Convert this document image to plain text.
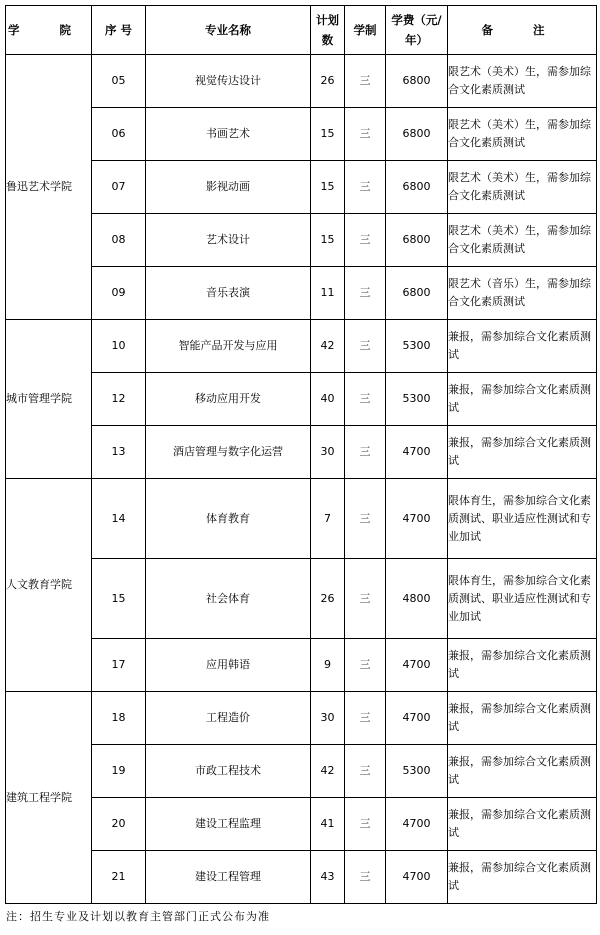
学 院	序 号	专业名称	计划数	学制	学费（元/年）	备 注
鲁迅艺术学院	05	视觉传达设计	26	三	6800	限艺术（美术）生，需参加综合文化素质测试
	06	书画艺术	15	三	6800	限艺术（美术）生，需参加综合文化素质测试
	07	影视动画	15	三	6800	限艺术（美术）生，需参加综合文化素质测试
	08	艺术设计	15	三	6800	限艺术（美术）生，需参加综合文化素质测试
	09	音乐表演	11	三	6800	限艺术（音乐）生，需参加综合文化素质测试
城市管理学院	10	智能产品开发与应用	42	三	5300	兼报，需参加综合文化素质测试
	12	移动应用开发	40	三	5300	兼报，需参加综合文化素质测试
	13	酒店管理与数字化运营	30	三	4700	兼报，需参加综合文化素质测试
人文教育学院	14	体育教育	7	三	4700	限体育生，需参加综合文化素质测试、职业适应性测试和专业加试
	15	社会体育	26	三	4800	限体育生，需参加综合文化素质测试、职业适应性测试和专业加试
	17	应用韩语	9	三	4700	兼报，需参加综合文化素质测试
建筑工程学院	18	工程造价	30	三	4700	兼报，需参加综合文化素质测试
	19	市政工程技术	42	三	5300	兼报，需参加综合文化素质测试
	20	建设工程监理	41	三	4700	兼报，需参加综合文化素质测试
	21	建设工程管理	43	三	4700	兼报，需参加综合文化素质测试
注：招生专业及计划以教育主管部门正式公布为准
